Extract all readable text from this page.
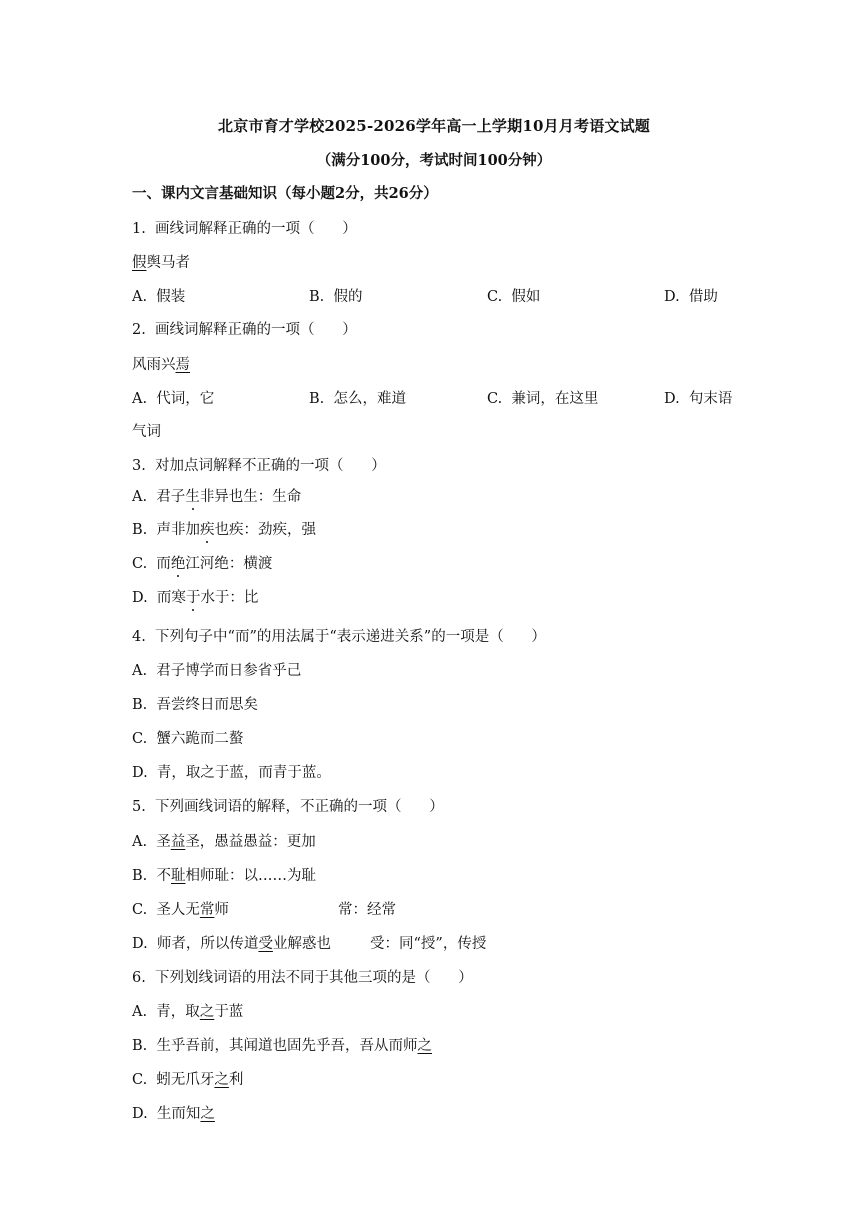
北京市育才学校2025-2026学年高一上学期10月月考语文试题
（满分100分，考试时间100分钟）
一、课内文言基础知识（每小题2分，共26分）
1.  画线词解释正确的一项（      ）
假舆马者
A.  假装	B.  假的	C.  假如	D.  借助
2.  画线词解释正确的一项（      ）
风雨兴焉
A.  代词，它	B.  怎么，难道	C.  兼词，在这里	D.  句末语
气词
3.  对加点词解释不正确的一项（      ）
A.  君子生非异也生：生命
B.  声非加疾也疾：劲疾，强
C.  而绝江河绝：横渡
D.  而寒于水于：比
4.  下列句子中“而”的用法属于“表示递进关系”的一项是（      ）
A.  君子博学而日参省乎己
B.  吾尝终日而思矣
C.  蟹六跪而二螯
D.  青，取之于蓝，而青于蓝。
5.  下列画线词语的解释，不正确的一项（      ）
A.  圣益圣，愚益愚益：更加
B.  不耻相师耻：以……为耻
C.  圣人无常师	常：经常
D.  师者，所以传道受业解惑也	受：同“授”，传授
6.  下列划线词语的用法不同于其他三项的是（      ）
A.  青，取之于蓝
B.  生乎吾前，其闻道也固先乎吾，吾从而师之
C.  蚓无爪牙之利
D.  生而知之
